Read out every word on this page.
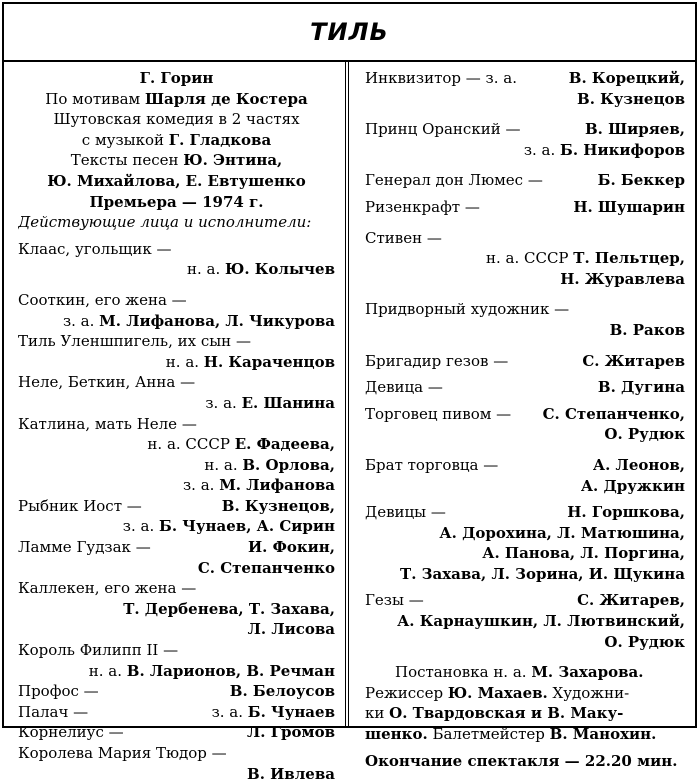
ТИЛЬ
Г. Горин
По мотивам Шарля де Костера
Шутовская комедия в 2 частях
с музыкой Г. Гладкова
Тексты песен Ю. Энтина,
Ю. Михайлова, Е. Евтушенко
Премьера — 1974 г.
Действующие лица и исполнители:
Клаас, угольщик —
н. а. Ю. Колычев
Сооткин, его жена —
з. а. М. Лифанова, Л. Чикурова
Тиль Уленшпигель, их сын —
н. а. Н. Караченцов
Неле, Беткин, Анна —
з. а. Е. Шанина
Катлина, мать Неле —
н. а. СССР Е. Фадеева,
н. а. В. Орлова,
з. а. М. Лифанова
Рыбник Иост —	В. Кузнецов,
з. а. Б. Чунаев, А. Сирин
Ламме Гудзак —	И. Фокин,
С. Степанченко
Каллекен, его жена —
Т. Дербенева, Т. Захава,
Л. Лисова
Король Филипп II —
н. а. В. Ларионов, В. Речман
Профос —	В. Белоусов
Палач —	з. а. Б. Чунаев
Корнелиус —	Л. Громов
Королева Мария Тюдор —
В. Ивлева
Инквизитор — з. а.	В. Корецкий,
В. Кузнецов
Принц Оранский —	В. Ширяев,
з. а. Б. Никифоров
Генерал дон Люмес —	Б. Беккер
Ризенкрафт —	Н. Шушарин
Стивен —
н. а. СССР Т. Пельтцер,
Н. Журавлева
Придворный художник —
В. Раков
Бригадир гезов —	С. Житарев
Девица —	В. Дугина
Торговец пивом — С. Степанченко,
О. Рудюк
Брат торговца —	А. Леонов,
А. Дружкин
Девицы —	Н. Горшкова,
А. Дорохина, Л. Матюшина,
А. Панова, Л. Поргина,
Т. Захава, Л. Зорина, И. Щукина
Гезы —	С. Житарев,
А. Карнаушкин, Л. Лютвинский,
О. Рудюк
Постановка н. а. М. Захарова.
Режиссер Ю. Махаев. Художни-
ки О. Твардовская и В. Маку-
шенко. Балетмейстер В. Манохин.
Окончание спектакля — 22.20 мин.
